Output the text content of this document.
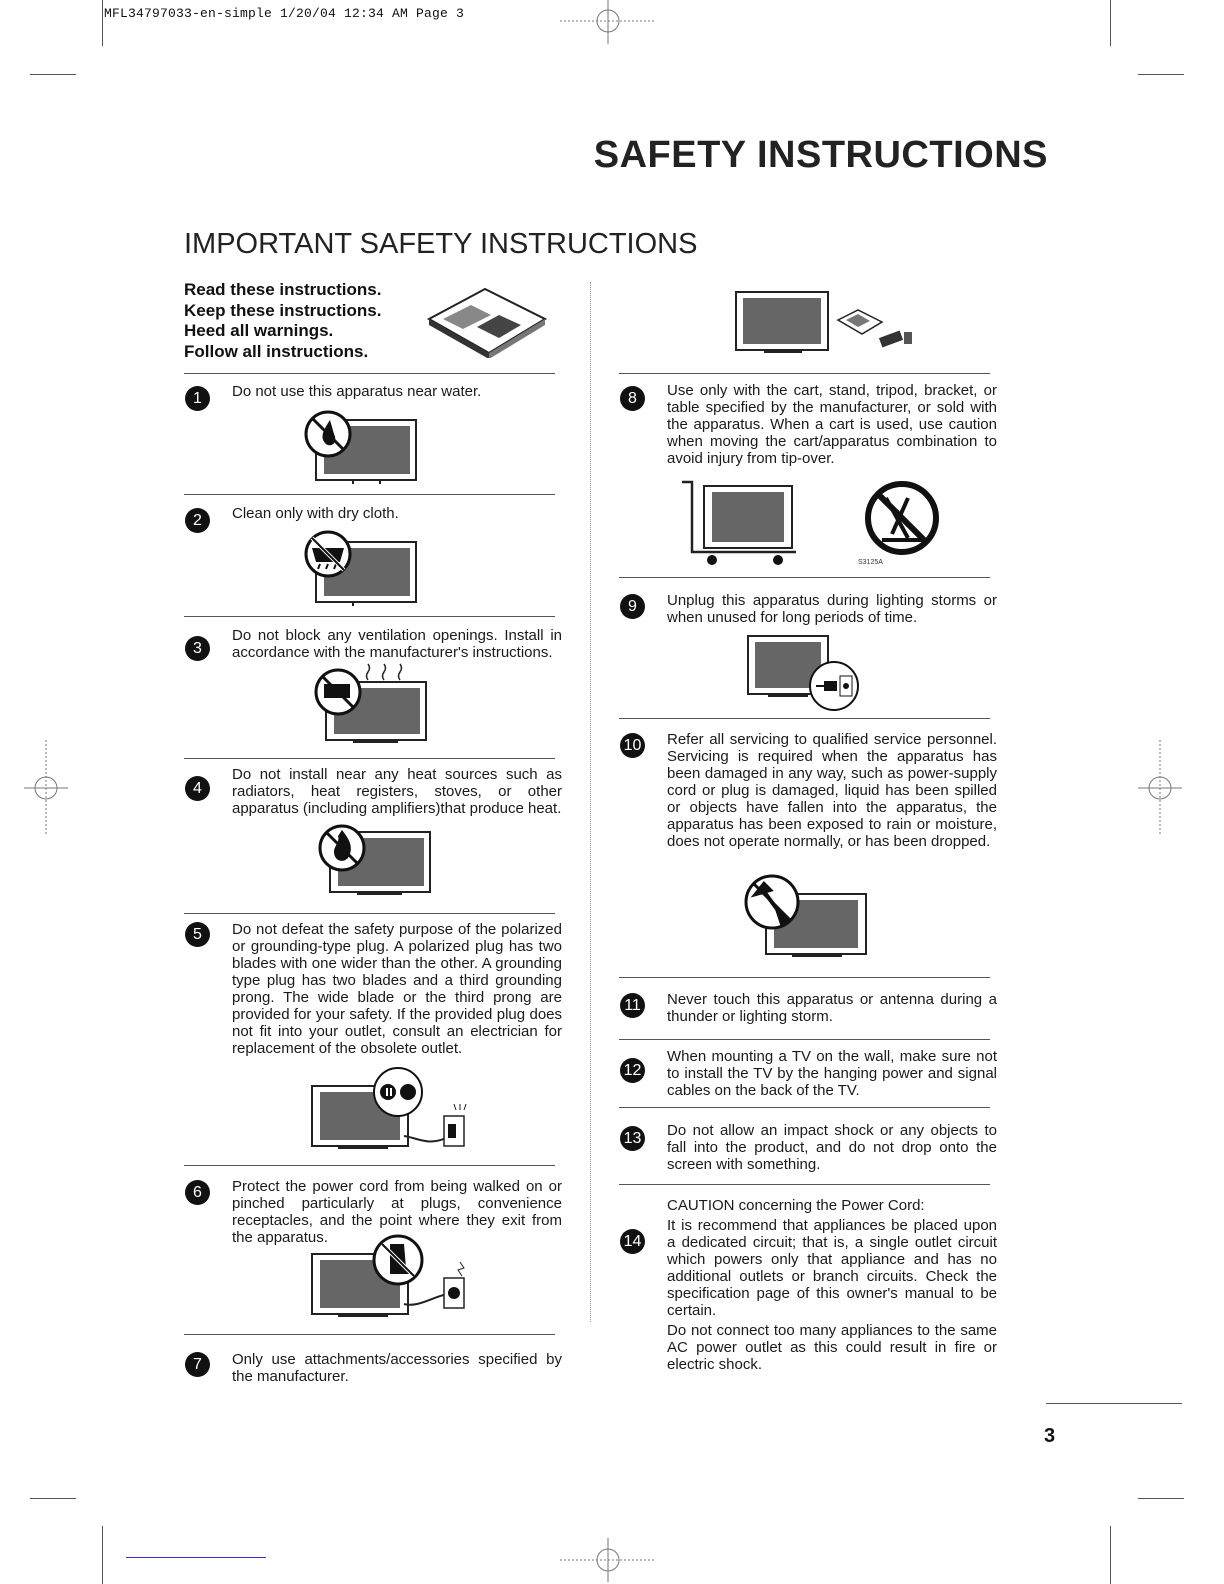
MFL34797033-en-simple 1/20/04 12:34 AM Page 3
SAFETY INSTRUCTIONS
IMPORTANT SAFETY INSTRUCTIONS
Read these instructions.
Keep these instructions.
Heed all warnings.
Follow all instructions.
1	Do not use this apparatus near water.
2	Clean only with dry cloth.
3
Do not block any ventilation openings. Install in accordance with the manufacturer's instructions.
4
Do not install near any heat sources such as radiators, heat registers, stoves, or other apparatus (including amplifiers)that produce heat.
5	Do not defeat the safety purpose of the polarized or grounding-type plug. A polarized plug has two blades with one wider than the other. A grounding type plug has two blades and a third grounding prong. The wide blade or the third prong are provided for your safety. If the provided plug does not fit into your outlet, consult an electrician for replacement of the obsolete outlet.
6	Protect the power cord from being walked on or pinched particularly at plugs, convenience receptacles, and the point where they exit from the apparatus.
7	Only use attachments/accessories specified by the manufacturer.
8	Use only with the cart, stand, tripod, bracket, or table specified by the manufacturer, or sold with the apparatus. When a cart is used, use caution when moving the cart/apparatus combination to avoid injury from tip-over.
S3125A
9	Unplug this apparatus during lighting storms or when unused for long periods of time.
10 Refer all servicing to qualified service personnel. Servicing is required when the apparatus has been damaged in any way, such as power-supply cord or plug is damaged, liquid has been spilled or objects have fallen into the apparatus, the apparatus has been exposed to rain or moisture, does not operate normally, or has been dropped.
11 Never touch this apparatus or antenna during a thunder or lighting storm.
12
When mounting a TV on the wall, make sure not to install the TV by the hanging power and signal cables on the back of the TV.
13 Do not allow an impact shock or any objects to fall into the product, and do not drop onto the screen with something.
14

CAUTION concerning the Power Cord:

It is recommend that appliances be placed upon a dedicated circuit; that is, a single outlet circuit which powers only that appliance and has no additional outlets or branch circuits. Check the specification page of this owner's manual to be certain.

Do not connect too many appliances to the same AC power outlet as this could result in fire or electric shock.

3
